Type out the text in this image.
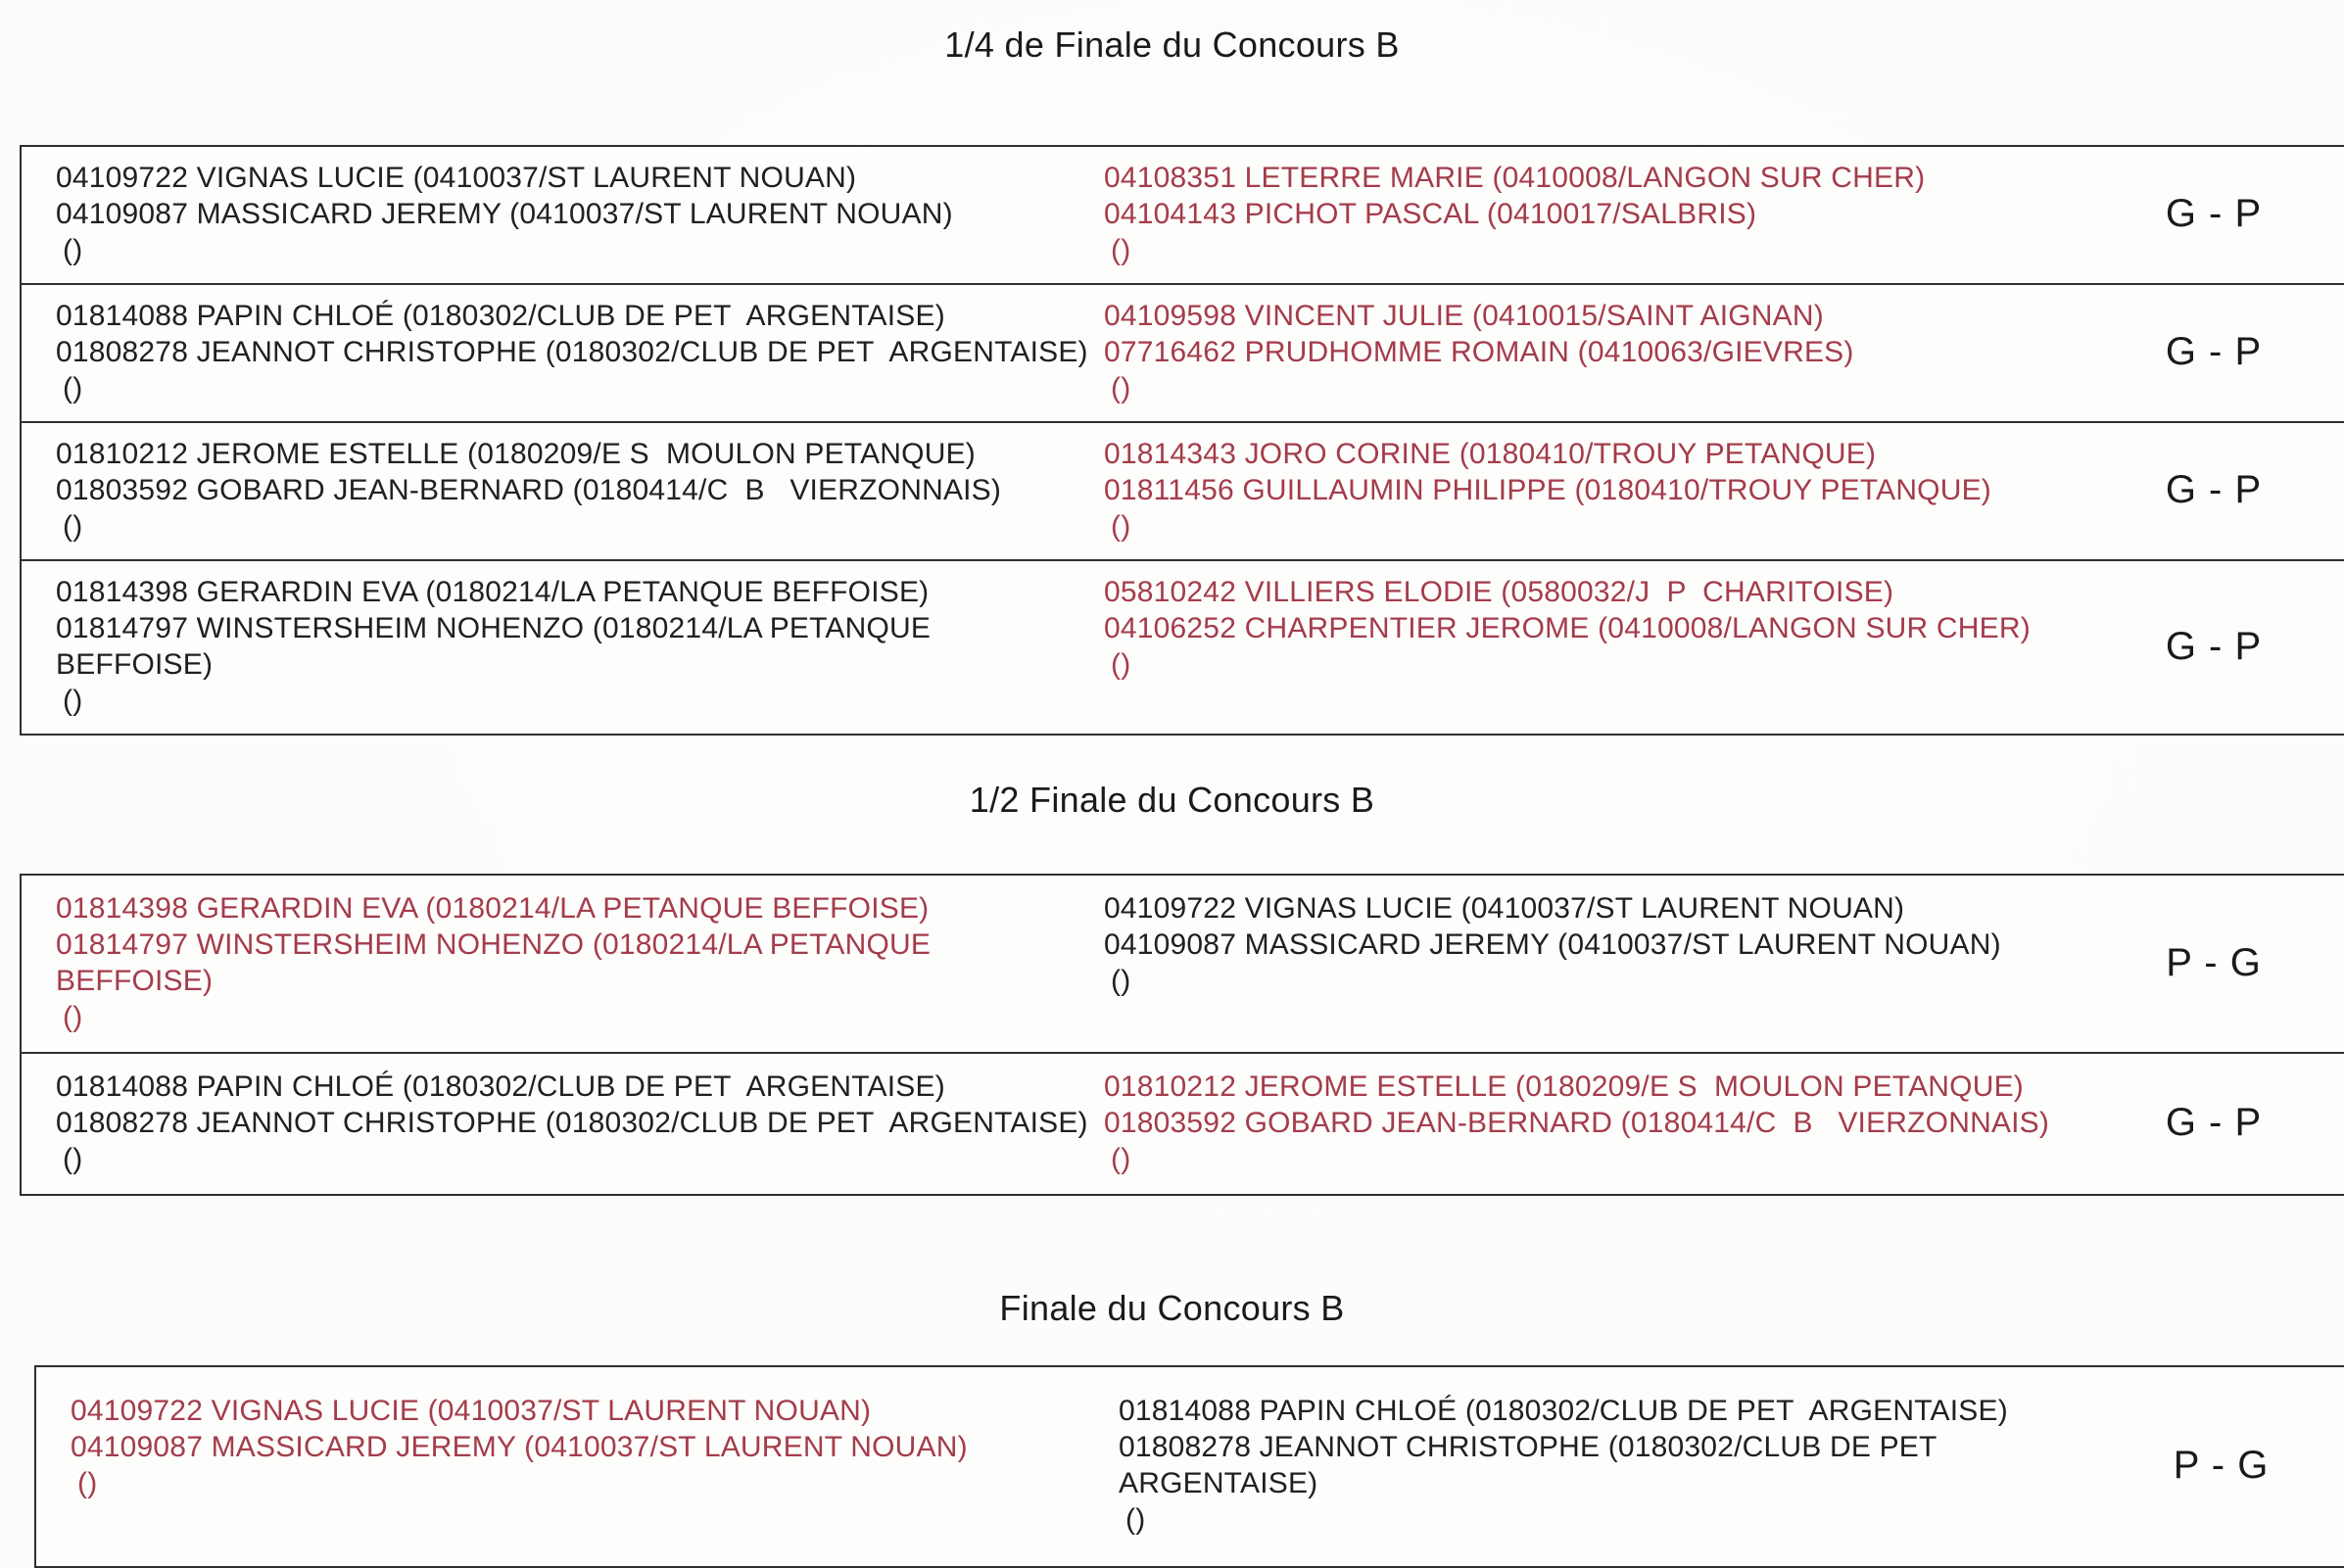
1/4 de Finale du Concours B
04109722 VIGNAS LUCIE (0410037/ST LAURENT NOUAN)
04109087 MASSICARD JEREMY (0410037/ST LAURENT NOUAN)
()
04108351 LETERRE MARIE (0410008/LANGON SUR CHER)
04104143 PICHOT PASCAL (0410017/SALBRIS)
()
G - P
01814088 PAPIN CHLOÉ (0180302/CLUB DE PET  ARGENTAISE)
01808278 JEANNOT CHRISTOPHE (0180302/CLUB DE PET  ARGENTAISE)
()
04109598 VINCENT JULIE (0410015/SAINT AIGNAN)
07716462 PRUDHOMME ROMAIN (0410063/GIEVRES)
()
G - P
01810212 JEROME ESTELLE (0180209/E S  MOULON PETANQUE)
01803592 GOBARD JEAN-BERNARD (0180414/C  B   VIERZONNAIS)
()
01814343 JORO CORINE (0180410/TROUY PETANQUE)
01811456 GUILLAUMIN PHILIPPE (0180410/TROUY PETANQUE)
()
G - P
01814398 GERARDIN EVA (0180214/LA PETANQUE BEFFOISE)
01814797 WINSTERSHEIM NOHENZO (0180214/LA PETANQUE BEFFOISE)
()
05810242 VILLIERS ELODIE (0580032/J  P  CHARITOISE)
04106252 CHARPENTIER JEROME (0410008/LANGON SUR CHER)
()	G - P
1/2 Finale du Concours B
01814398 GERARDIN EVA (0180214/LA PETANQUE BEFFOISE)
01814797 WINSTERSHEIM NOHENZO (0180214/LA PETANQUE BEFFOISE)
()
04109722 VIGNAS LUCIE (0410037/ST LAURENT NOUAN)
04109087 MASSICARD JEREMY (0410037/ST LAURENT NOUAN)
()	P - G
01814088 PAPIN CHLOÉ (0180302/CLUB DE PET  ARGENTAISE)
01808278 JEANNOT CHRISTOPHE (0180302/CLUB DE PET  ARGENTAISE)
()
01810212 JEROME ESTELLE (0180209/E S  MOULON PETANQUE)
01803592 GOBARD JEAN-BERNARD (0180414/C  B   VIERZONNAIS)
()
G - P
Finale du Concours B
04109722 VIGNAS LUCIE (0410037/ST LAURENT NOUAN)
04109087 MASSICARD JEREMY (0410037/ST LAURENT NOUAN)
()
01814088 PAPIN CHLOÉ (0180302/CLUB DE PET  ARGENTAISE)
01808278 JEANNOT CHRISTOPHE (0180302/CLUB DE PET  ARGENTAISE)
()
P - G
